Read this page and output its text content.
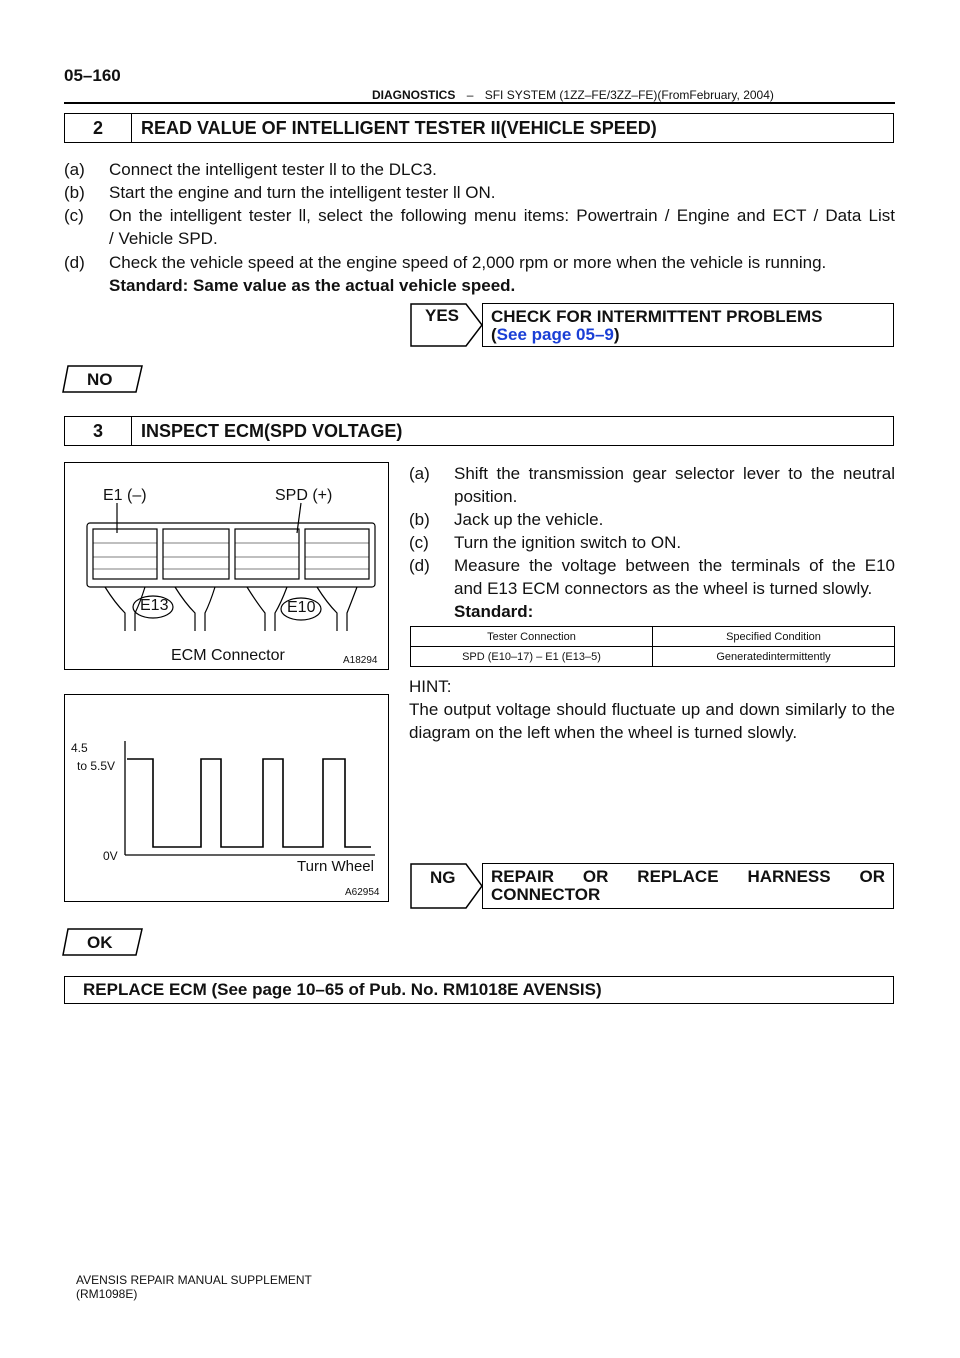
05–160
DIAGNOSTICS – SFI SYSTEM (1ZZ–FE/3ZZ–FE)(FromFebruary, 2004)
2	READ VALUE OF INTELLIGENT TESTER II(VEHICLE SPEED)
(a) Connect the intelligent tester ll to the DLC3.
(b) Start the engine and turn the intelligent tester ll ON.
(c) On the intelligent tester ll, select the following menu items: Powertrain / Engine and ECT / Data List
/ Vehicle SPD.
(d) Check the vehicle speed at the engine speed of 2,000 rpm or more when the vehicle is running.
Standard: Same value as the actual vehicle speed.
YES CHECK FOR INTERMITTENT PROBLEMS
(See page 05–9)
NO
3	INSPECT ECM(SPD VOLTAGE)
E1 (–)	SPD (+)
E13	E10
ECM Connector	A18294
(a) Shift the transmission gear selector lever to the neutral
position.
(b) Jack up the vehicle.
(c) Turn the ignition switch to ON.
(d) Measure the voltage between the terminals of the E10
and E13 ECM connectors as the wheel is turned slowly.
Standard:
Tester Connection	Specified Condition
SPD (E10–17) – E1 (E13–5)	Generatedintermittently
HINT:
The output voltage should fluctuate up and down similarly to the
diagram on the left when the wheel is turned slowly.
4.5
to 5.5V
0V
Turn Wheel
A62954
NG REPAIR OR REPLACE HARNESS OR
CONNECTOR
OK
REPLACE ECM (See page 10–65 of Pub. No. RM1018E AVENSIS)
AVENSIS REPAIR MANUAL SUPPLEMENT
(RM1098E)
